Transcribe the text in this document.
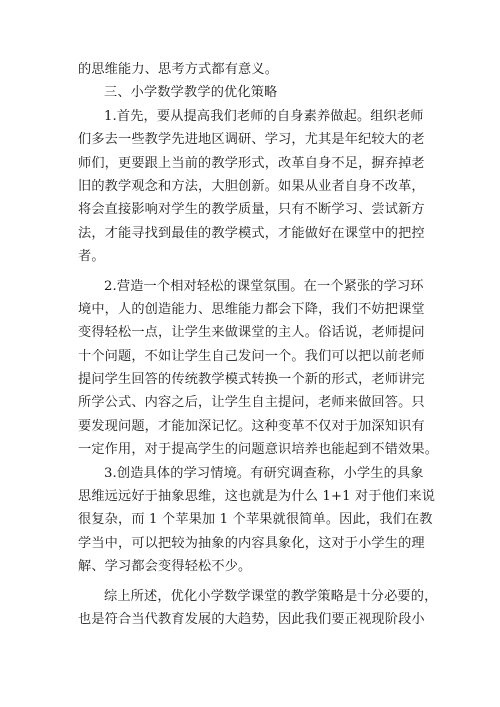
的思维能力、思考方式都有意义。
三、小学数学教学的优化策略
1.首先，要从提高我们老师的自身素养做起。组织老师
们多去一些教学先进地区调研、学习，尤其是年纪较大的老
师们，更要跟上当前的教学形式，改革自身不足，摒弃掉老
旧的教学观念和方法，大胆创新。如果从业者自身不改革，
将会直接影响对学生的教学质量，只有不断学习、尝试新方
法，才能寻找到最佳的教学模式，才能做好在课堂中的把控
者。
2.营造一个相对轻松的课堂氛围。在一个紧张的学习环
境中，人的创造能力、思维能力都会下降，我们不妨把课堂
变得轻松一点，让学生来做课堂的主人。俗话说，老师提问
十个问题，不如让学生自己发问一个。我们可以把以前老师
提问学生回答的传统教学模式转换一个新的形式，老师讲完
所学公式、内容之后，让学生自主提问，老师来做回答。只
要发现问题，才能加深记忆。这种变革不仅对于加深知识有
一定作用，对于提高学生的问题意识培养也能起到不错效果。
3.创造具体的学习情境。有研究调查称，小学生的具象
思维远远好于抽象思维，这也就是为什么 1+1 对于他们来说
很复杂，而 1 个苹果加 1 个苹果就很简单。因此，我们在教
学当中，可以把较为抽象的内容具象化，这对于小学生的理
解、学习都会变得轻松不少。
综上所述，优化小学数学课堂的教学策略是十分必要的，
也是符合当代教育发展的大趋势，因此我们要正视现阶段小
